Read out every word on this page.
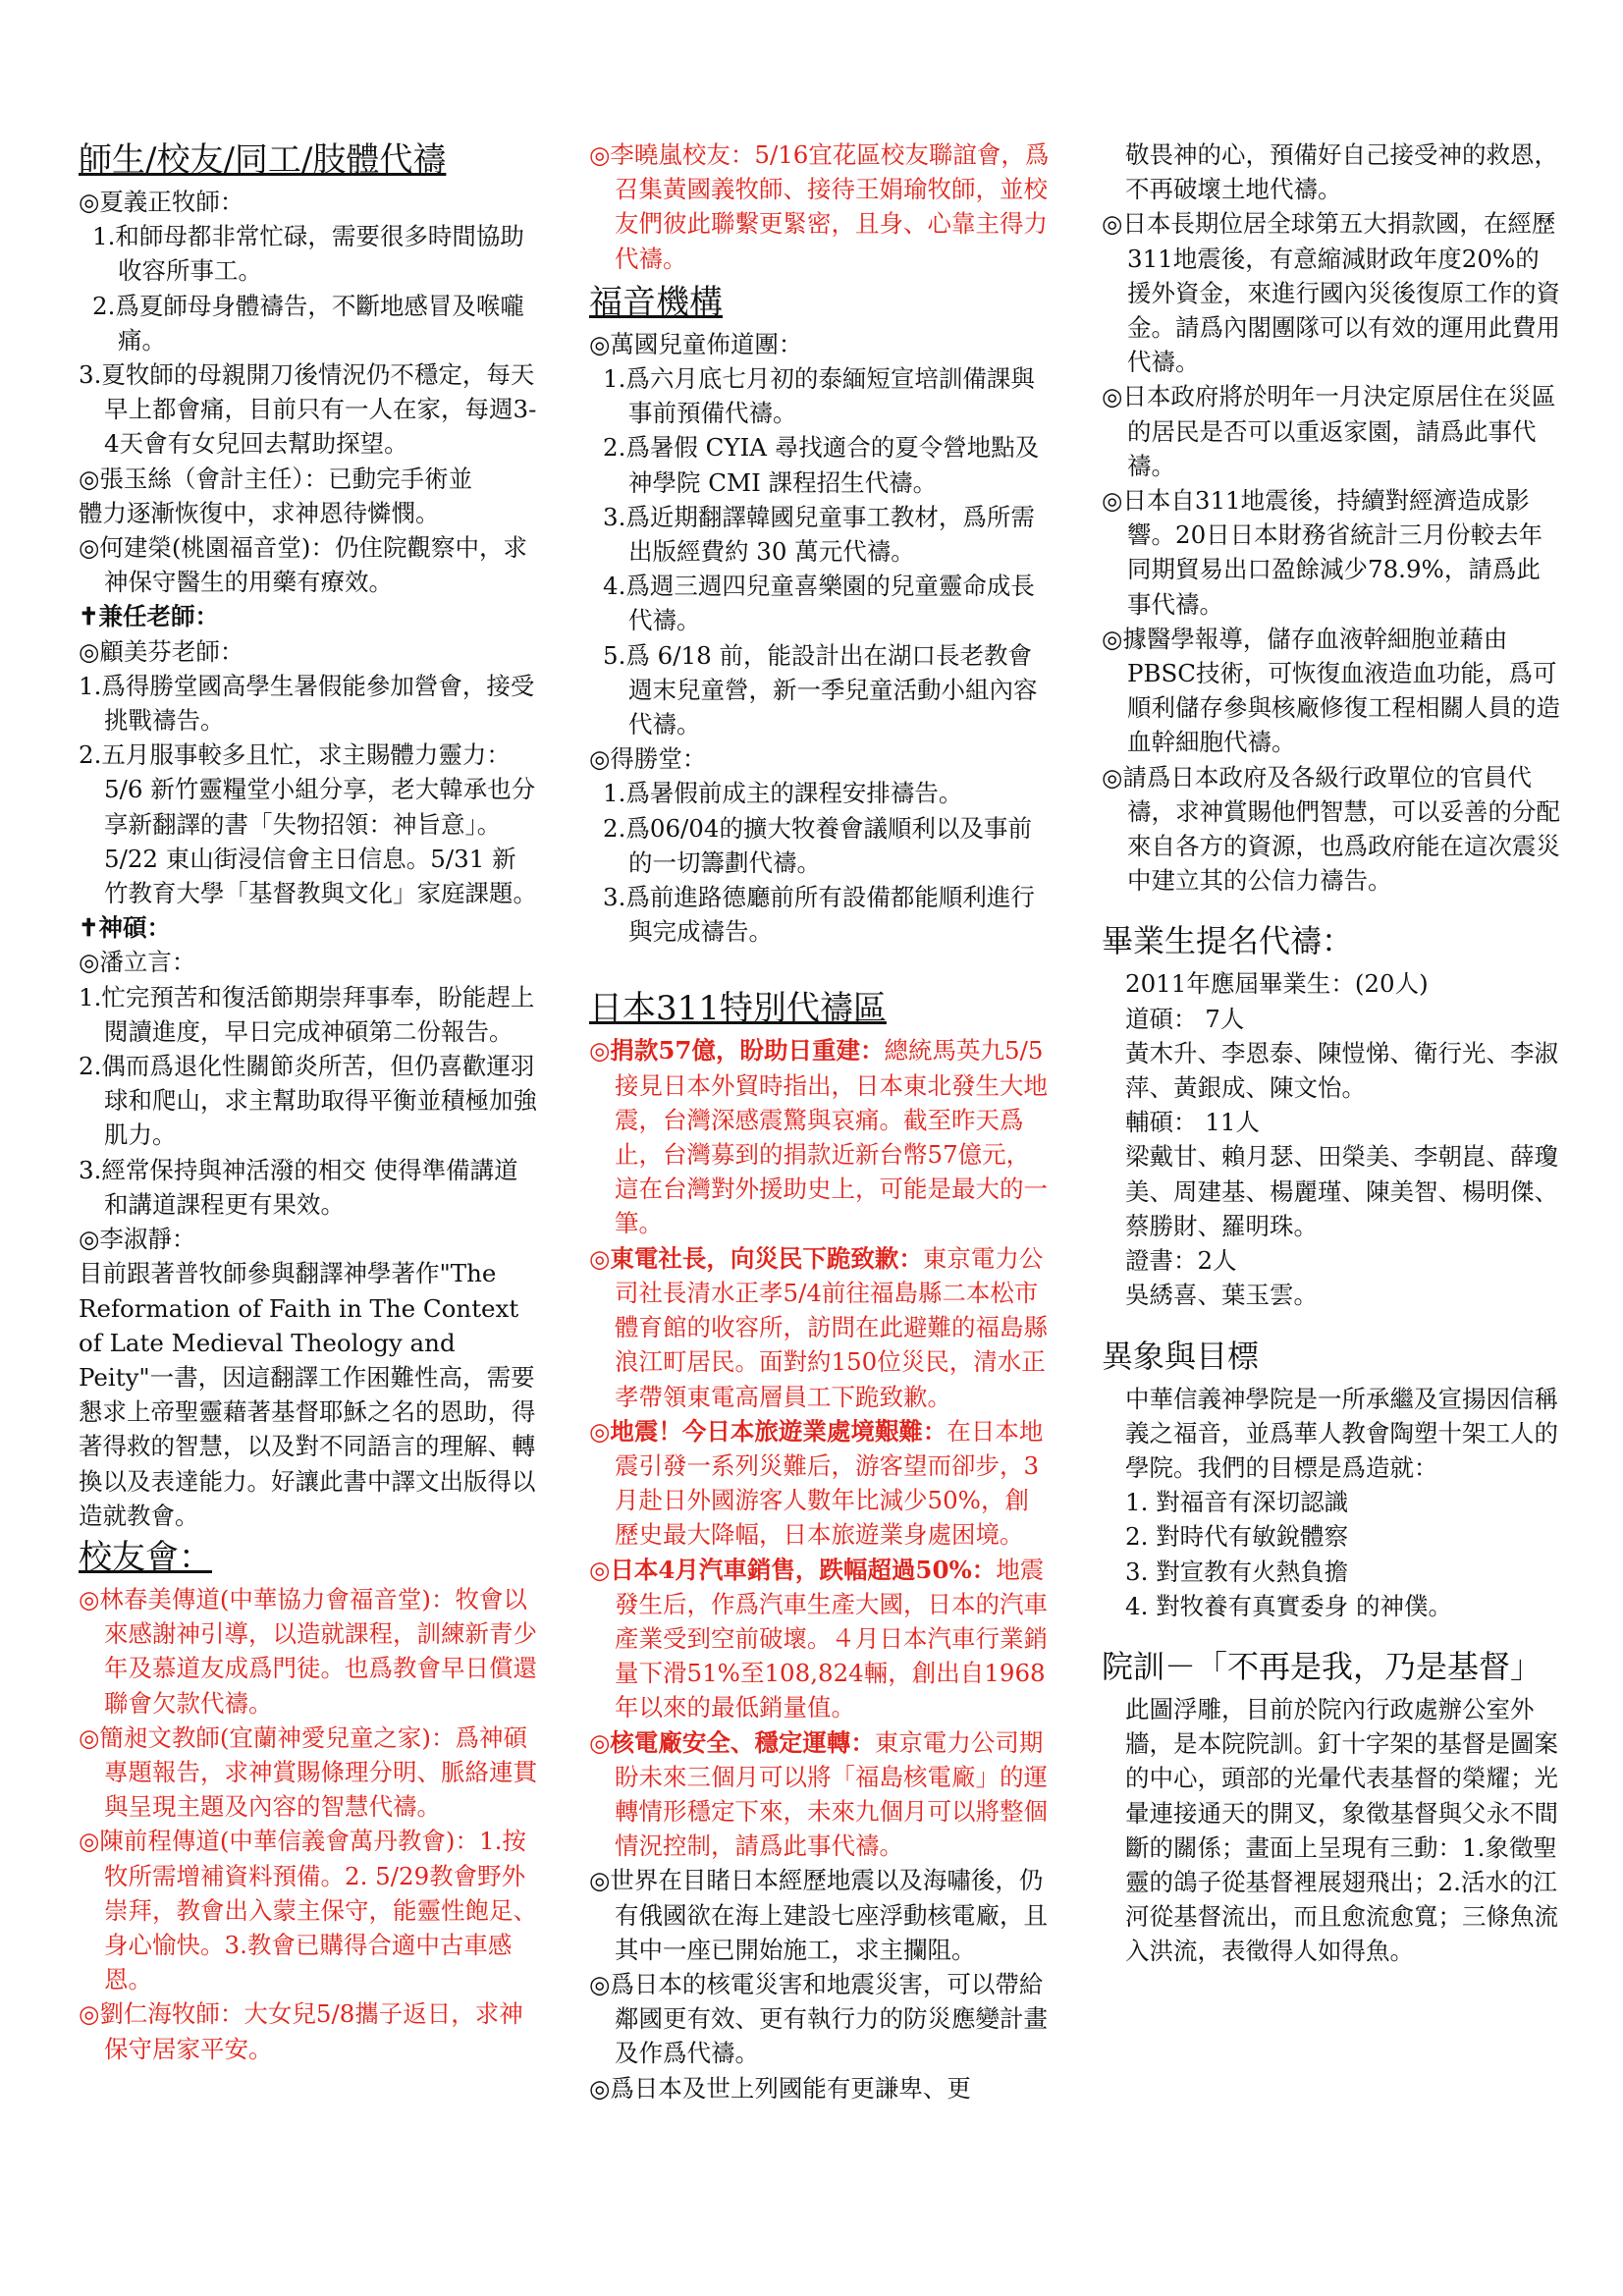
師生/校友/同工/肢體代禱

◎夏義正牧師：

1.和師母都非常忙碌，需要很多時間協助收容所事工。

2.爲夏師母身體禱告，不斷地感冒及喉嚨痛。

3.夏牧師的母親開刀後情況仍不穩定，每天早上都會痛，目前只有一人在家，每週3-4天會有女兒回去幫助探望。

◎張玉絲（會計主任）：已動完手術並

體力逐漸恢復中，求神恩待憐憫。

◎何建榮(桃園福音堂)：仍住院觀察中，求神保守醫生的用藥有療效。

✝兼任老師：

◎顧美芬老師：

1.爲得勝堂國高學生暑假能參加營會，接受挑戰禱告。

2.五月服事較多且忙，求主賜體力靈力：5/6 新竹靈糧堂小組分享，老大韓承也分享新翻譯的書「失物招領：神旨意」。5/22 東山街浸信會主日信息。5/31 新竹教育大學「基督教與文化」家庭課題。

✝神碩：

◎潘立言：

1.忙完預苦和復活節期崇拜事奉，盼能趕上閱讀進度，早日完成神碩第二份報告。

2.偶而爲退化性關節炎所苦，但仍喜歡運羽球和爬山，求主幫助取得平衡並積極加強肌力。

3.經常保持與神活潑的相交 使得準備講道和講道課程更有果效。

◎李淑靜：

目前跟著普牧師參與翻譯神學著作"The Reformation of Faith in The Context of Late Medieval Theology and Peity"一書，因這翻譯工作困難性高，需要懇求上帝聖靈藉著基督耶穌之名的恩助，得著得救的智慧，以及對不同語言的理解、轉換以及表達能力。好讓此書中譯文出版得以造就教會。

校友會：

◎林春美傳道(中華協力會福音堂)：牧會以來感謝神引導，以造就課程，訓練新青少年及慕道友成爲門徒。也爲教會早日償還聯會欠款代禱。

◎簡昶文教師(宜蘭神愛兒童之家)：爲神碩專題報告，求神賞賜條理分明、脈絡連貫與呈現主題及內容的智慧代禱。

◎陳前程傳道(中華信義會萬丹教會)：1.按牧所需增補資料預備。2. 5/29教會野外崇拜，教會出入蒙主保守，能靈性飽足、身心愉快。3.教會已購得合適中古車感恩。

◎劉仁海牧師：大女兒5/8攜子返日，求神保守居家平安。

◎李曉嵐校友：5/16宜花區校友聯誼會，爲召集黃國義牧師、接待王娟瑜牧師，並校友們彼此聯繫更緊密，且身、心靠主得力代禱。

福音機構

◎萬國兒童佈道團：

1.爲六月底七月初的泰緬短宣培訓備課與事前預備代禱。

2.爲暑假 CYIA 尋找適合的夏令營地點及神學院 CMI 課程招生代禱。

3.爲近期翻譯韓國兒童事工教材，爲所需出版經費約 30 萬元代禱。

4.爲週三週四兒童喜樂園的兒童靈命成長代禱。

5.爲 6/18 前，能設計出在湖口長老教會週末兒童營，新一季兒童活動小組內容代禱。

◎得勝堂：

1.爲暑假前成主的課程安排禱告。

2.爲06/04的擴大牧養會議順利以及事前的一切籌劃代禱。

3.爲前進路德廳前所有設備都能順利進行與完成禱告。

日本311特別代禱區

◎捐款57億，盼助日重建：總統馬英九5/5接見日本外貿時指出，日本東北發生大地震，台灣深感震驚與哀痛。截至昨天爲止，台灣募到的捐款近新台幣57億元，這在台灣對外援助史上，可能是最大的一筆。

◎東電社長，向災民下跪致歉：東京電力公司社長清水正孝5/4前往福島縣二本松市體育館的收容所，訪問在此避難的福島縣浪江町居民。面對約150位災民，清水正孝帶領東電高層員工下跪致歉。

◎地震！今日本旅遊業處境艱難：在日本地震引發一系列災難后，游客望而卻步，3月赴日外國游客人數年比減少50%，創歷史最大降幅，日本旅遊業身處困境。

◎日本4月汽車銷售，跌幅超過50%：地震發生后，作爲汽車生產大國，日本的汽車產業受到空前破壞。４月日本汽車行業銷量下滑51%至108,824輛，創出自1968年以來的最低銷量值。

◎核電廠安全、穩定運轉：東京電力公司期盼未來三個月可以將「福島核電廠」的運轉情形穩定下來，未來九個月可以將整個情況控制，請爲此事代禱。

◎世界在目睹日本經歷地震以及海嘯後，仍有俄國欲在海上建設七座浮動核電廠，且其中一座已開始施工，求主攔阻。

◎爲日本的核電災害和地震災害，可以帶給鄰國更有效、更有執行力的防災應變計畫及作爲代禱。

◎爲日本及世上列國能有更謙卑、更

敬畏神的心，預備好自己接受神的救恩，不再破壞土地代禱。

◎日本長期位居全球第五大捐款國，在經歷311地震後，有意縮減財政年度20%的援外資金，來進行國內災後復原工作的資金。請爲內閣團隊可以有效的運用此費用代禱。

◎日本政府將於明年一月決定原居住在災區的居民是否可以重返家園，請爲此事代禱。

◎日本自311地震後，持續對經濟造成影響。20日日本財務省統計三月份較去年同期貿易出口盈餘減少78.9%，請爲此事代禱。

◎據醫學報導，儲存血液幹細胞並藉由PBSC技術，可恢復血液造血功能，爲可順利儲存參與核廠修復工程相關人員的造血幹細胞代禱。

◎請爲日本政府及各級行政單位的官員代禱，求神賞賜他們智慧，可以妥善的分配來自各方的資源，也爲政府能在這次震災中建立其的公信力禱告。

畢業生提名代禱：

2011年應屆畢業生：(20人)

道碩： 7人

黃木升、李恩泰、陳愷悌、衛行光、李淑萍、黃銀成、陳文怡。

輔碩： 11人

梁戴甘、賴月瑟、田榮美、李朝崑、薛瓊美、周建基、楊麗瑾、陳美智、楊明傑、蔡勝財、羅明珠。

證書：2人

吳綉喜、葉玉雲。

異象與目標

中華信義神學院是一所承繼及宣揚因信稱義之福音，並爲華人教會陶塑十架工人的學院。我們的目標是爲造就：

1. 對福音有深切認識

2. 對時代有敏銳體察

3. 對宣教有火熱負擔

4. 對牧養有真實委身 的神僕。

院訓－「不再是我，乃是基督」

此圖浮雕，目前於院內行政處辦公室外牆，是本院院訓。釘十字架的基督是圖案的中心，頭部的光暈代表基督的榮耀；光暈連接通天的開叉，象徵基督與父永不間斷的關係；畫面上呈現有三動：1.象徵聖靈的鴿子從基督裡展翅飛出；2.活水的江河從基督流出，而且愈流愈寬；三條魚流入洪流，表徵得人如得魚。
